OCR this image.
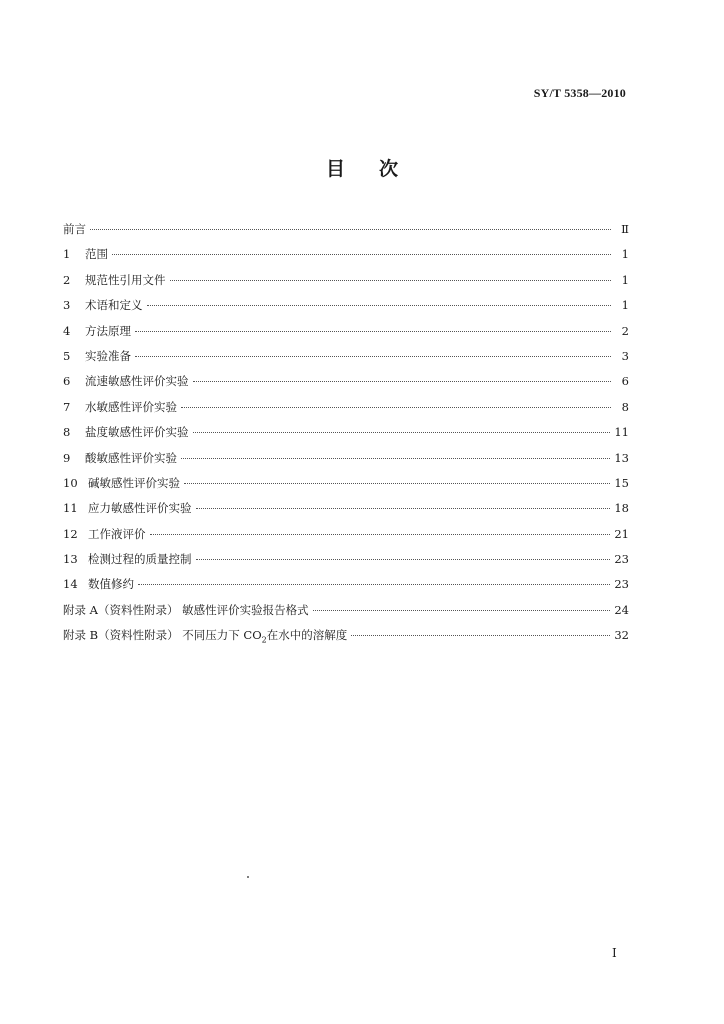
SY/T 5358—2010
目 次
前言	Ⅱ
1	范围	1
2	规范性引用文件	1
3	术语和定义	1
4	方法原理	2
5	实验准备	3
6	流速敏感性评价实验	6
7	水敏感性评价实验	8
8	盐度敏感性评价实验	11
9	酸敏感性评价实验	13
10 碱敏感性评价实验	15
11 应力敏感性评价实验	18
12 工作液评价	21
13 检测过程的质量控制	23
14 数值修约	23
附录 A（资料性附录） 敏感性评价实验报告格式	24
附录 B（资料性附录） 不同压力下 $CO_2$在水中的溶解度	32
I
